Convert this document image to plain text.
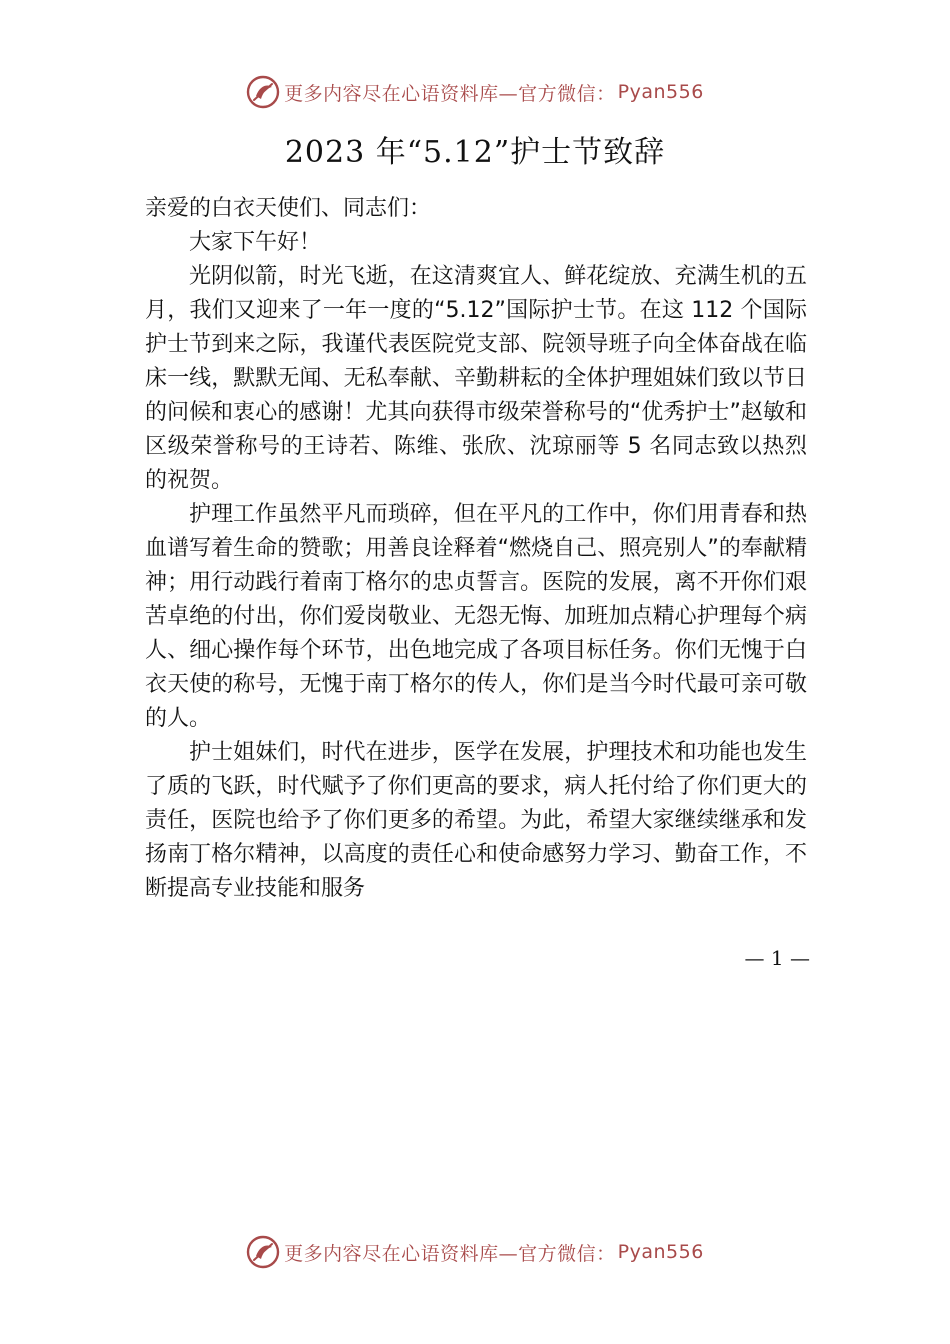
更多内容尽在心语资料库—官方微信： Pyan556
2023 年“5.12”护士节致辞

亲爱的白衣天使们、同志们：

大家下午好！

光阴似箭，时光飞逝，在这清爽宜人、鲜花绽放、充满生机的五月，我们又迎来了一年一度的“5.12”国际护士节。在这 112 个国际护士节到来之际，我谨代表医院党支部、院领导班子向全体奋战在临床一线，默默无闻、无私奉献、辛勤耕耘的全体护理姐妹们致以节日的问候和衷心的感谢！尤其向获得市级荣誉称号的“优秀护士”赵敏和区级荣誉称号的王诗若、陈维、张欣、沈琼丽等 5 名同志致以热烈的祝贺。

护理工作虽然平凡而琐碎，但在平凡的工作中，你们用青春和热血谱写着生命的赞歌；用善良诠释着“燃烧自己、照亮别人”的奉献精神；用行动践行着南丁格尔的忠贞誓言。医院的发展，离不开你们艰苦卓绝的付出，你们爱岗敬业、无怨无悔、加班加点精心护理每个病人、细心操作每个环节，出色地完成了各项目标任务。你们无愧于白衣天使的称号，无愧于南丁格尔的传人，你们是当今时代最可亲可敬的人。

护士姐妹们，时代在进步，医学在发展，护理技术和功能也发生了质的飞跃，时代赋予了你们更高的要求，病人托付给了你们更大的责任，医院也给予了你们更多的希望。为此，希望大家继续继承和发扬南丁格尔精神，以高度的责任心和使命感努力学习、勤奋工作，不断提高专业技能和服务

— 1 —
更多内容尽在心语资料库—官方微信： Pyan556
